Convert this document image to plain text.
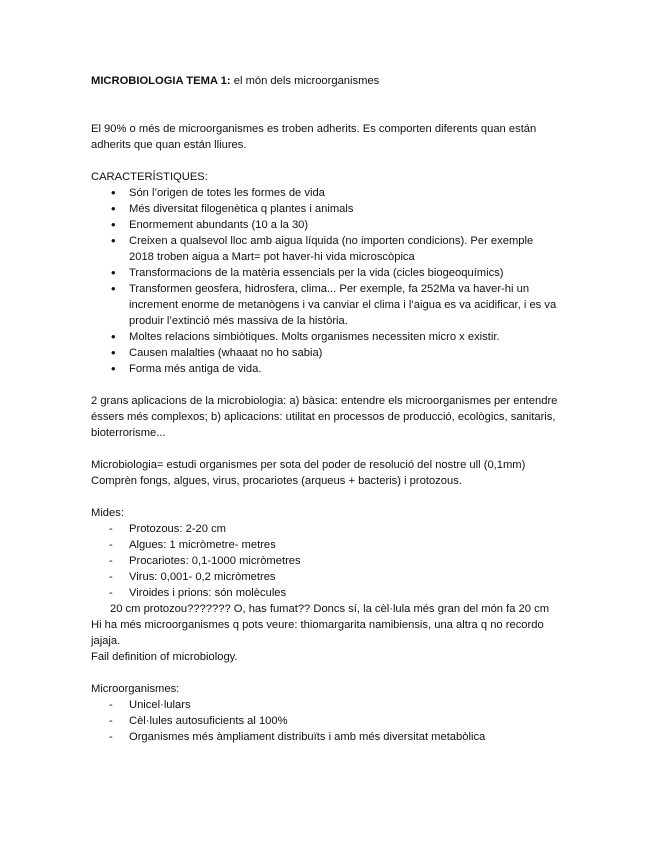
MICROBIOLOGIA TEMA 1: el món dels microorganismes

El 90% o més de microorganismes es troben adherits. Es comporten diferents quan están adherits que quan están lliures.

CARACTERÍSTIQUES:

• Són l’origen de totes les formes de vida
• Més diversitat filogenètica q plantes i animals
• Enormement abundants (10 a la 30)
• Creixen a qualsevol lloc amb aigua líquida (no importen condicions). Per exemple 2018 troben aigua a Mart= pot haver-hi vida microscòpica
• Transformacions de la matèria essencials per la vida (cicles biogeoquímics)
• Transformen geosfera, hidrosfera, clima... Per exemple, fa 252Ma va haver-hi un increment enorme de metanògens i va canviar el clima i l’aigua es va acidificar, i es va produir l’extinció més massiva de la història.
• Moltes relacions simbiòtiques. Molts organismes necessiten micro x existir.
• Causen malalties (whaaat no ho sabia)
• Forma més antiga de vida.

2 grans aplicacions de la microbiologia: a) bàsica: entendre els microorganismes per entendre éssers més complexos; b) aplicacions: utilitat en processos de producció, ecològics, sanitaris, bioterrorisme...

Microbiologia= estudi organismes per sota del poder de resolució del nostre ull (0,1mm)

Comprèn fongs, algues, virus, procariotes (arqueus + bacteris) i protozous.

Mides:

- Protozous: 2-20 cm
- Algues: 1 micròmetre- metres
- Procariotes: 0,1-1000 micròmetres
- Virus: 0,001- 0,2 micròmetres
- Viroides i prions: són molècules

20 cm protozou??????? O, has fumat?? Doncs sí, la cèl·lula més gran del món fa 20 cm

Hi ha més microorganismes q pots veure: thiomargarita namibiensis, una altra q no recordo jajaja.

Fail definition of microbiology.

Microorganismes:

- Unicel·lulars
- Cèl·lules autosuficients al 100%
- Organismes més àmpliament distribuïts i amb més diversitat metabòlica
